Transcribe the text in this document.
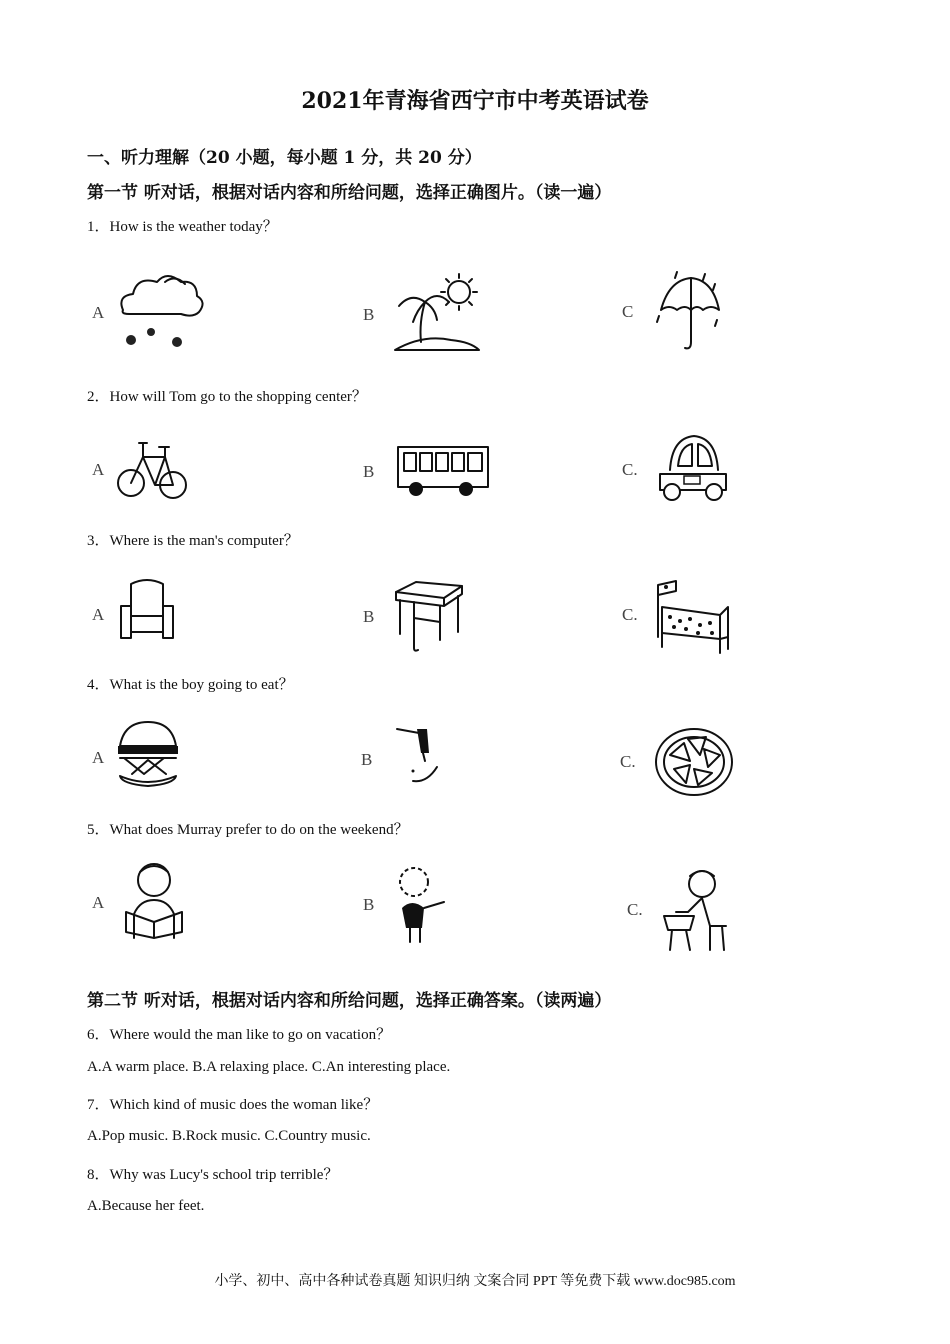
2021年青海省西宁市中考英语试卷
一、听力理解（20 小题，每小题 1 分，共 20 分）
第一节 听对话，根据对话内容和所给问题，选择正确图片。（读一遍）
1．How is the weather today？
A	B	C
2．How will Tom go to the shopping center？
A	B	C.
3．Where is the man's computer？
A	B	C.
4．What is the boy going to eat？
A	B	C.
5．What does Murray prefer to do on the weekend？
A	B	C.
第二节 听对话，根据对话内容和所给问题，选择正确答案。（读两遍）
6．Where would the man like to go on vacation？
A.A warm place. B.A relaxing place. C.An interesting place.
7．Which kind of music does the woman like？
A.Pop music. B.Rock music. C.Country music.
8．Why was Lucy's school trip terrible？
A.Because her feet.
小学、初中、高中各种试卷真题 知识归纳 文案合同 PPT 等免费下载 www.doc985.com
